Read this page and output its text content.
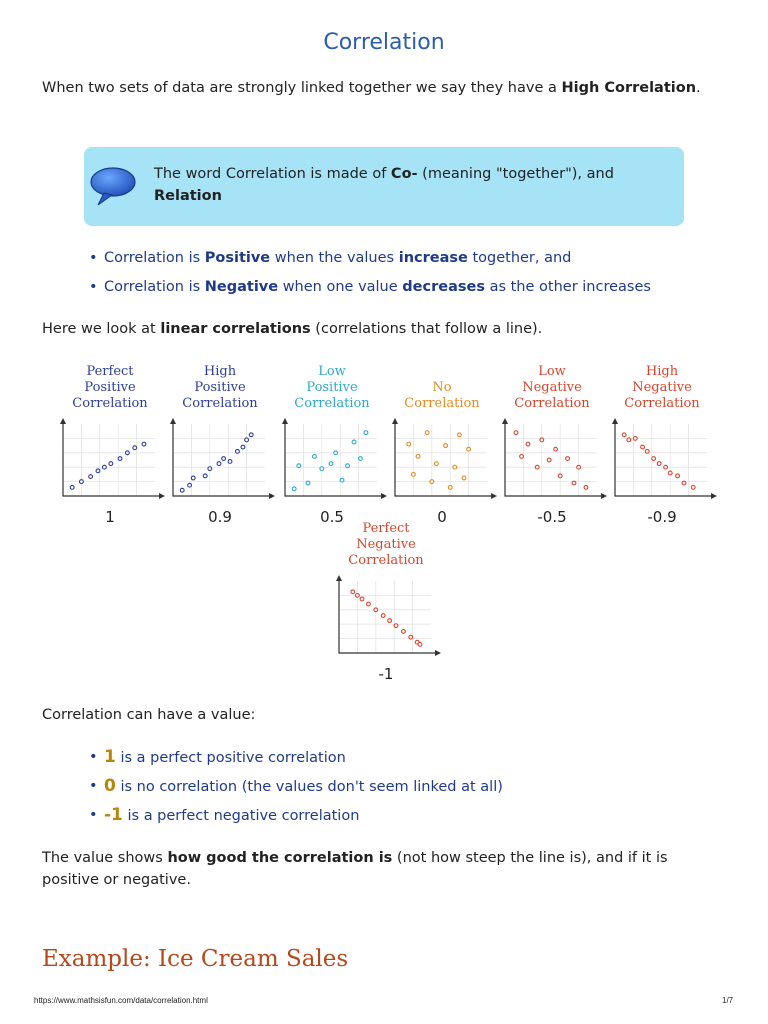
Correlation

When two sets of data are strongly linked together we say they have a High Correlation.

The word Correlation is made of Co- (meaning "together"), and Relation
• Correlation is Positive when the values increase together, and
• Correlation is Negative when one value decreases as the other increases

Here we look at linear correlations (correlations that follow a line).

Perfect
Positive
Correlation
1
High
Positive
Correlation
0.9
Low
Positive
Correlation
0.5
No
Correlation
0
Low
Negative
Correlation
-0.5
High
Negative
Correlation
-0.9
Perfect
Negative
Correlation
-1

Correlation can have a value:

• 1 is a perfect positive correlation
• 0 is no correlation (the values don't seem linked at all)
• -1 is a perfect negative correlation

The value shows how good the correlation is (not how steep the line is), and if it is positive or negative.

Example: Ice Cream Sales
https://www.mathsisfun.com/data/correlation.html	1/7
